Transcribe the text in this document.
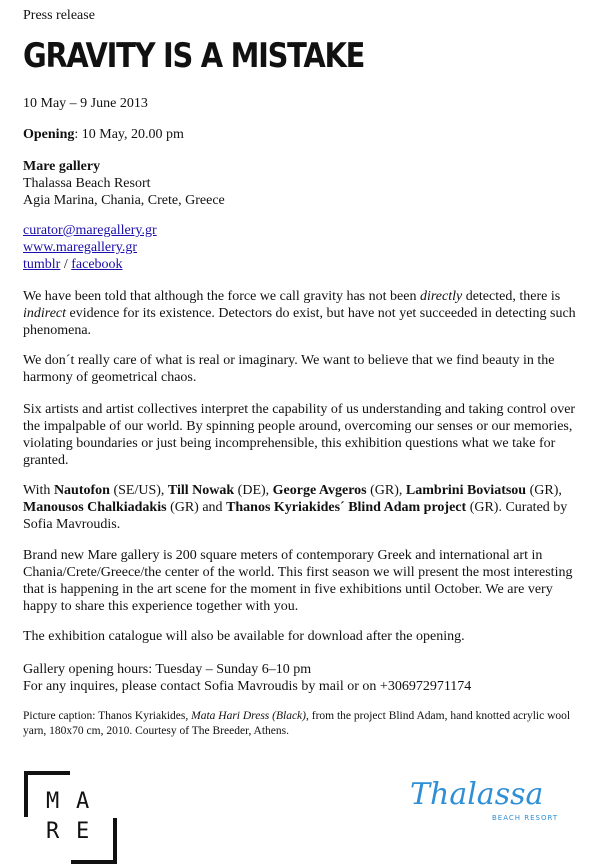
Press release
GRAVITY IS A MISTAKE

10 May – 9 June 2013

Opening: 10 May, 20.00 pm

Mare gallery
Thalassa Beach Resort
Agia Marina, Chania, Crete, Greece
curator@maregallery.gr
www.maregallery.gr
tumblr / facebook

We have been told that although the force we call gravity has not been directly detected, there is indirect evidence for its existence. Detectors do exist, but have not yet succeeded in detecting such phenomena.

We don´t really care of what is real or imaginary. We want to believe that we find beauty in the harmony of geometrical chaos.

Six artists and artist collectives interpret the capability of us understanding and taking control over the impalpable of our world. By spinning people around, overcoming our senses or our memories, violating boundaries or just being incomprehensible, this exhibition questions what we take for granted.

With Nautofon (SE/US), Till Nowak (DE), George Avgeros (GR), Lambrini Boviatsou (GR), Manousos Chalkiadakis (GR) and Thanos Kyriakides´ Blind Adam project (GR). Curated by Sofia Mavroudis.

Brand new Mare gallery is 200 square meters of contemporary Greek and international art in Chania/Crete/Greece/the center of the world. This first season we will present the most interesting that is happening in the art scene for the moment in five exhibitions until October. We are very happy to share this experience together with you.

The exhibition catalogue will also be available for download after the opening.

Gallery opening hours: Tuesday – Sunday 6–10 pm
For any inquires, please contact Sofia Mavroudis by mail or on +306972971174

Picture caption: Thanos Kyriakides, Mata Hari Dress (Black), from the project Blind Adam, hand knotted acrylic wool yarn, 180x70 cm, 2010. Courtesy of The Breeder, Athens.

M A
R E
Thalassa
BEACH RESORT
